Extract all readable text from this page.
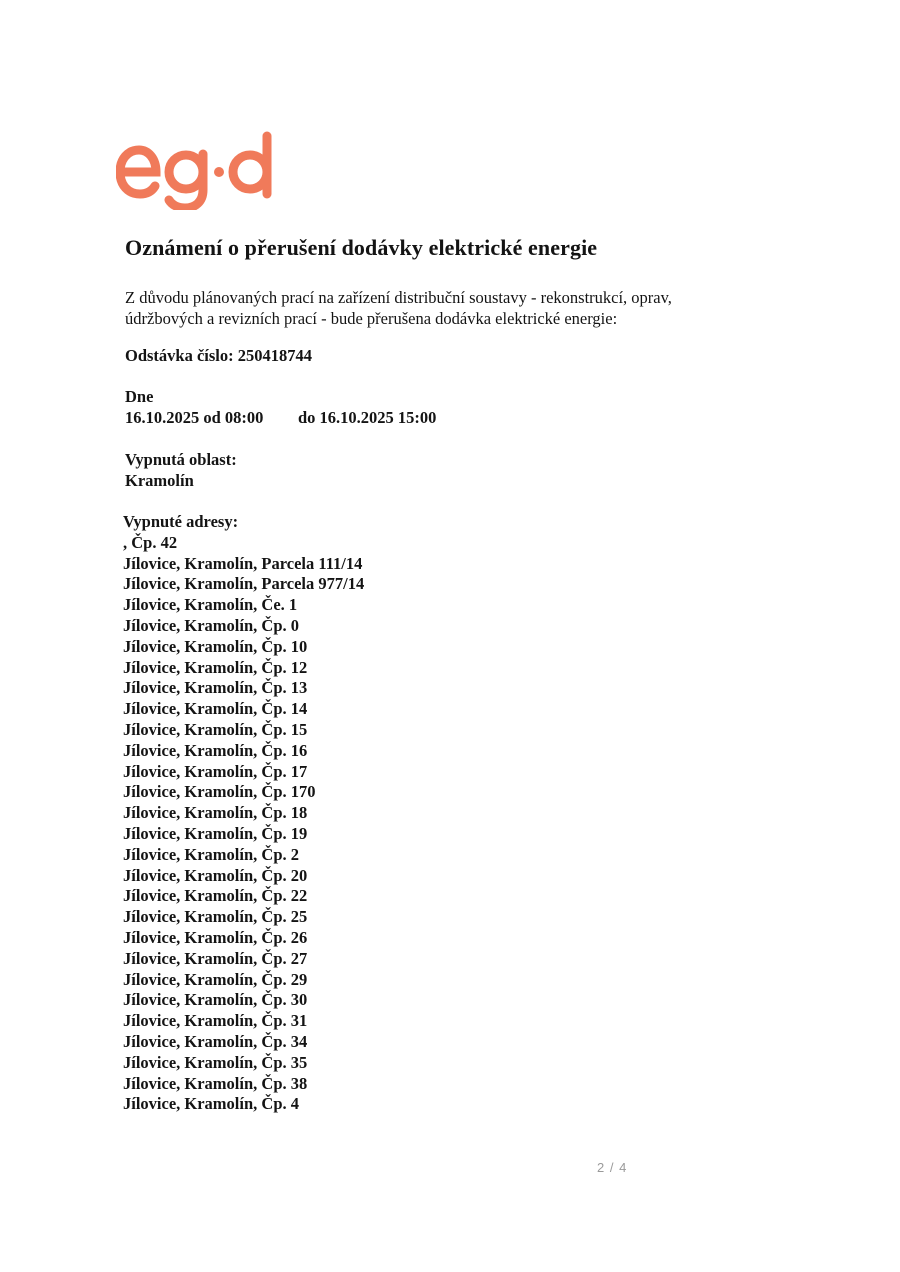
Oznámení o přerušení dodávky elektrické energie

Z důvodu plánovaných prací na zařízení distribuční soustavy - rekonstrukcí, oprav,
údržbových a revizních prací - bude přerušena dodávka elektrické energie:

Odstávka číslo: 250418744
Dne
16.10.2025 od 08:00 do 16.10.2025 15:00
Vypnutá oblast:
Kramolín
Vypnuté adresy:
, Čp. 42
Jílovice, Kramolín, Parcela 111/14
Jílovice, Kramolín, Parcela 977/14
Jílovice, Kramolín, Če. 1
Jílovice, Kramolín, Čp. 0
Jílovice, Kramolín, Čp. 10
Jílovice, Kramolín, Čp. 12
Jílovice, Kramolín, Čp. 13
Jílovice, Kramolín, Čp. 14
Jílovice, Kramolín, Čp. 15
Jílovice, Kramolín, Čp. 16
Jílovice, Kramolín, Čp. 17
Jílovice, Kramolín, Čp. 170
Jílovice, Kramolín, Čp. 18
Jílovice, Kramolín, Čp. 19
Jílovice, Kramolín, Čp. 2
Jílovice, Kramolín, Čp. 20
Jílovice, Kramolín, Čp. 22
Jílovice, Kramolín, Čp. 25
Jílovice, Kramolín, Čp. 26
Jílovice, Kramolín, Čp. 27
Jílovice, Kramolín, Čp. 29
Jílovice, Kramolín, Čp. 30
Jílovice, Kramolín, Čp. 31
Jílovice, Kramolín, Čp. 34
Jílovice, Kramolín, Čp. 35
Jílovice, Kramolín, Čp. 38
Jílovice, Kramolín, Čp. 4
2 / 4
